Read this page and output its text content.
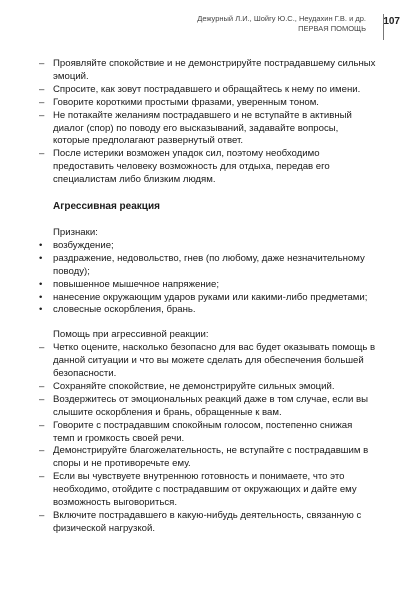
Дежурный Л.И., Шойгу Ю.С., Неудахин Г.В. и др.
ПЕРВАЯ ПОМОЩЬ
107
– Проявляйте спокойствие и не демонстрируйте пострадавшему сильных эмоций.
– Спросите, как зовут пострадавшего и обращайтесь к нему по имени.
– Говорите короткими простыми фразами, уверенным тоном.
– Не потакайте желаниям пострадавшего и не вступайте в активный диалог (спор) по поводу его высказываний, задавайте вопросы, которые предполагают развернутый ответ.
– После истерики возможен упадок сил, поэтому необходимо предоставить человеку возможность для отдыха, передав его специалистам либо близким людям.
Агрессивная реакция

Признаки:

•	возбуждение;
•	раздражение, недовольство, гнев (по любому, даже незначительному поводу);
•	повышенное мышечное напряжение;
•	нанесение окружающим ударов руками или какими-либо предметами;
•	словесные оскорбления, брань.

Помощь при агрессивной реакции:

– Четко оцените, насколько безопасно для вас будет оказывать помощь в данной ситуации и что вы можете сделать для обеспечения большей безопасности.
– Сохраняйте спокойствие, не демонстрируйте сильных эмоций.
– Воздержитесь от эмоциональных реакций даже в том случае, если вы слышите оскорбления и брань, обращенные к вам.
– Говорите с пострадавшим спокойным голосом, постепенно снижая темп и громкость своей речи.
– Демонстрируйте благожелательность, не вступайте с пострадавшим в споры и не противоречьте ему.
– Если вы чувствуете внутреннюю готовность и понимаете, что это необходимо, отойдите с пострадавшим от окружающих и дайте ему возможность выговориться.
– Включите пострадавшего в какую-нибудь деятельность, связанную с физической нагрузкой.
